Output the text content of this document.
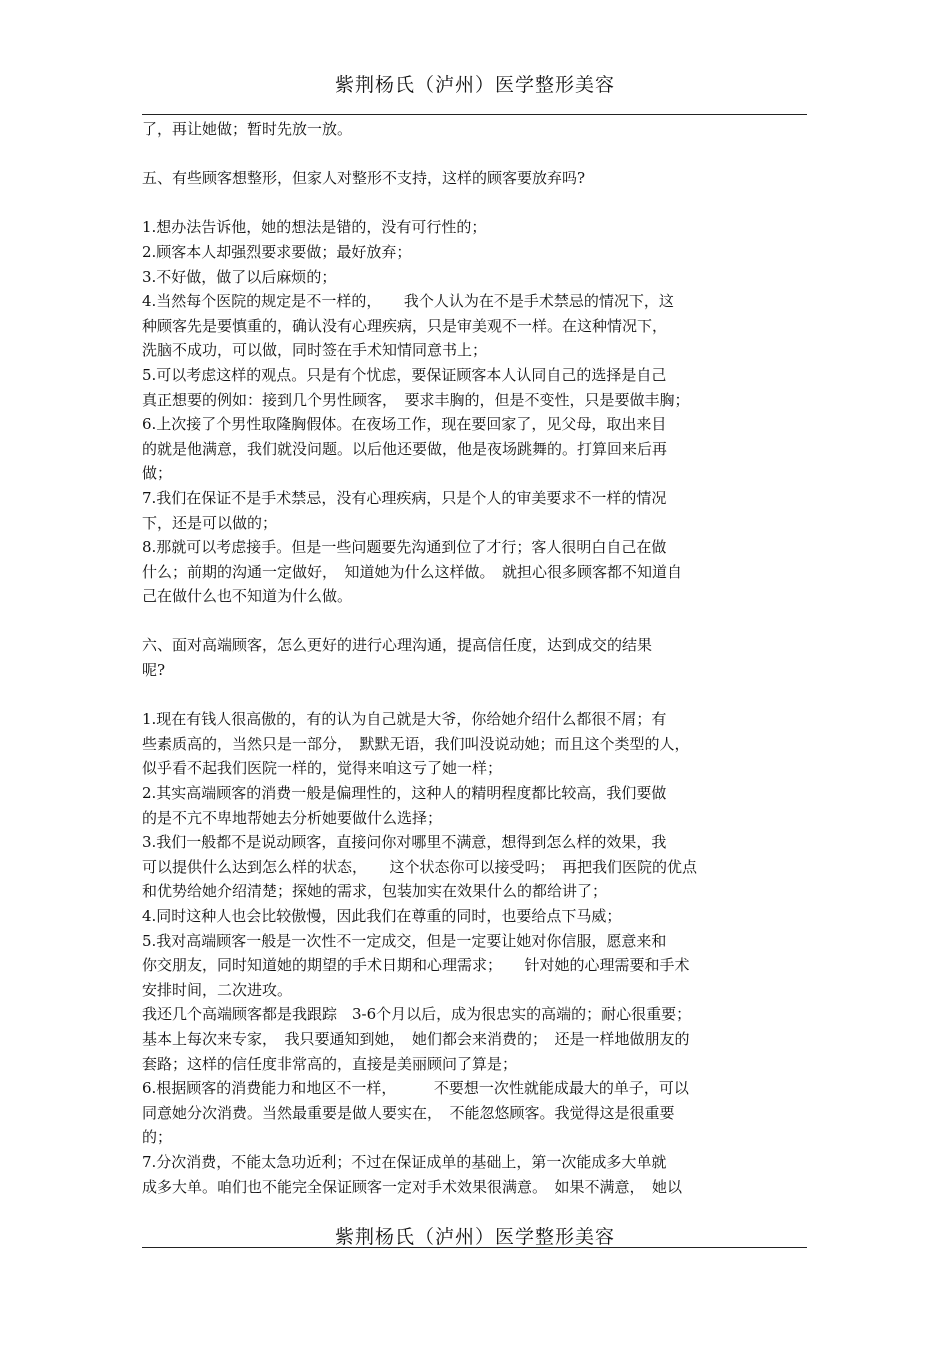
紫荆杨氏（泸州）医学整形美容
了，再让她做；暂时先放一放。
五、有些顾客想整形，但家人对整形不支持，这样的顾客要放弃吗?
1.想办法告诉他，她的想法是错的，没有可行性的；
2.顾客本人却强烈要求要做；最好放弃；
3.不好做，做了以后麻烦的；
4.当然每个医院的规定是不一样的，　　我个人认为在不是手术禁忌的情况下，这
种顾客先是要慎重的，确认没有心理疾病，只是审美观不一样。在这种情况下，
洗脑不成功，可以做，同时签在手术知情同意书上；
5.可以考虑这样的观点。只是有个忧虑，要保证顾客本人认同自己的选择是自己
真正想要的例如：接到几个男性顾客，　要求丰胸的，但是不变性，只是要做丰胸；
6.上次接了个男性取隆胸假体。在夜场工作，现在要回家了，见父母，取出来目
的就是他满意，我们就没问题。以后他还要做，他是夜场跳舞的。打算回来后再
做；
7.我们在保证不是手术禁忌，没有心理疾病，只是个人的审美要求不一样的情况
下，还是可以做的；
8.那就可以考虑接手。但是一些问题要先沟通到位了才行；客人很明白自己在做
什么；前期的沟通一定做好，　知道她为什么这样做。　就担心很多顾客都不知道自
己在做什么也不知道为什么做。
六、面对高端顾客，怎么更好的进行心理沟通，提高信任度，达到成交的结果
呢?
1.现在有钱人很高傲的，有的认为自己就是大爷，你给她介绍什么都很不屑；有
些素质高的，当然只是一部分，　默默无语，我们叫没说动她；而且这个类型的人，
似乎看不起我们医院一样的，觉得来咱这亏了她一样；
2.其实高端顾客的消费一般是偏理性的，这种人的精明程度都比较高，我们要做
的是不亢不卑地帮她去分析她要做什么选择；
3.我们一般都不是说动顾客，直接问你对哪里不满意，想得到怎么样的效果，我
可以提供什么达到怎么样的状态，　　这个状态你可以接受吗；　再把我们医院的优点
和优势给她介绍清楚；探她的需求，包装加实在效果什么的都给讲了；
4.同时这种人也会比较傲慢，因此我们在尊重的同时，也要给点下马威；
5.我对高端顾客一般是一次性不一定成交，但是一定要让她对你信服，愿意来和
你交朋友，同时知道她的期望的手术日期和心理需求；　　针对她的心理需要和手术
安排时间，二次进攻。
我还几个高端顾客都是我跟踪　3-6个月以后，成为很忠实的高端的；耐心很重要；
基本上每次来专家，　我只要通知到她，　她们都会来消费的；　还是一样地做朋友的
套路；这样的信任度非常高的，直接是美丽顾问了算是；
6.根据顾客的消费能力和地区不一样，　　　不要想一次性就能成最大的单子，可以
同意她分次消费。当然最重要是做人要实在，　不能忽悠顾客。我觉得这是很重要
的；
7.分次消费，不能太急功近利；不过在保证成单的基础上，第一次能成多大单就
成多大单。咱们也不能完全保证顾客一定对手术效果很满意。　如果不满意，　她以
紫荆杨氏（泸州）医学整形美容
